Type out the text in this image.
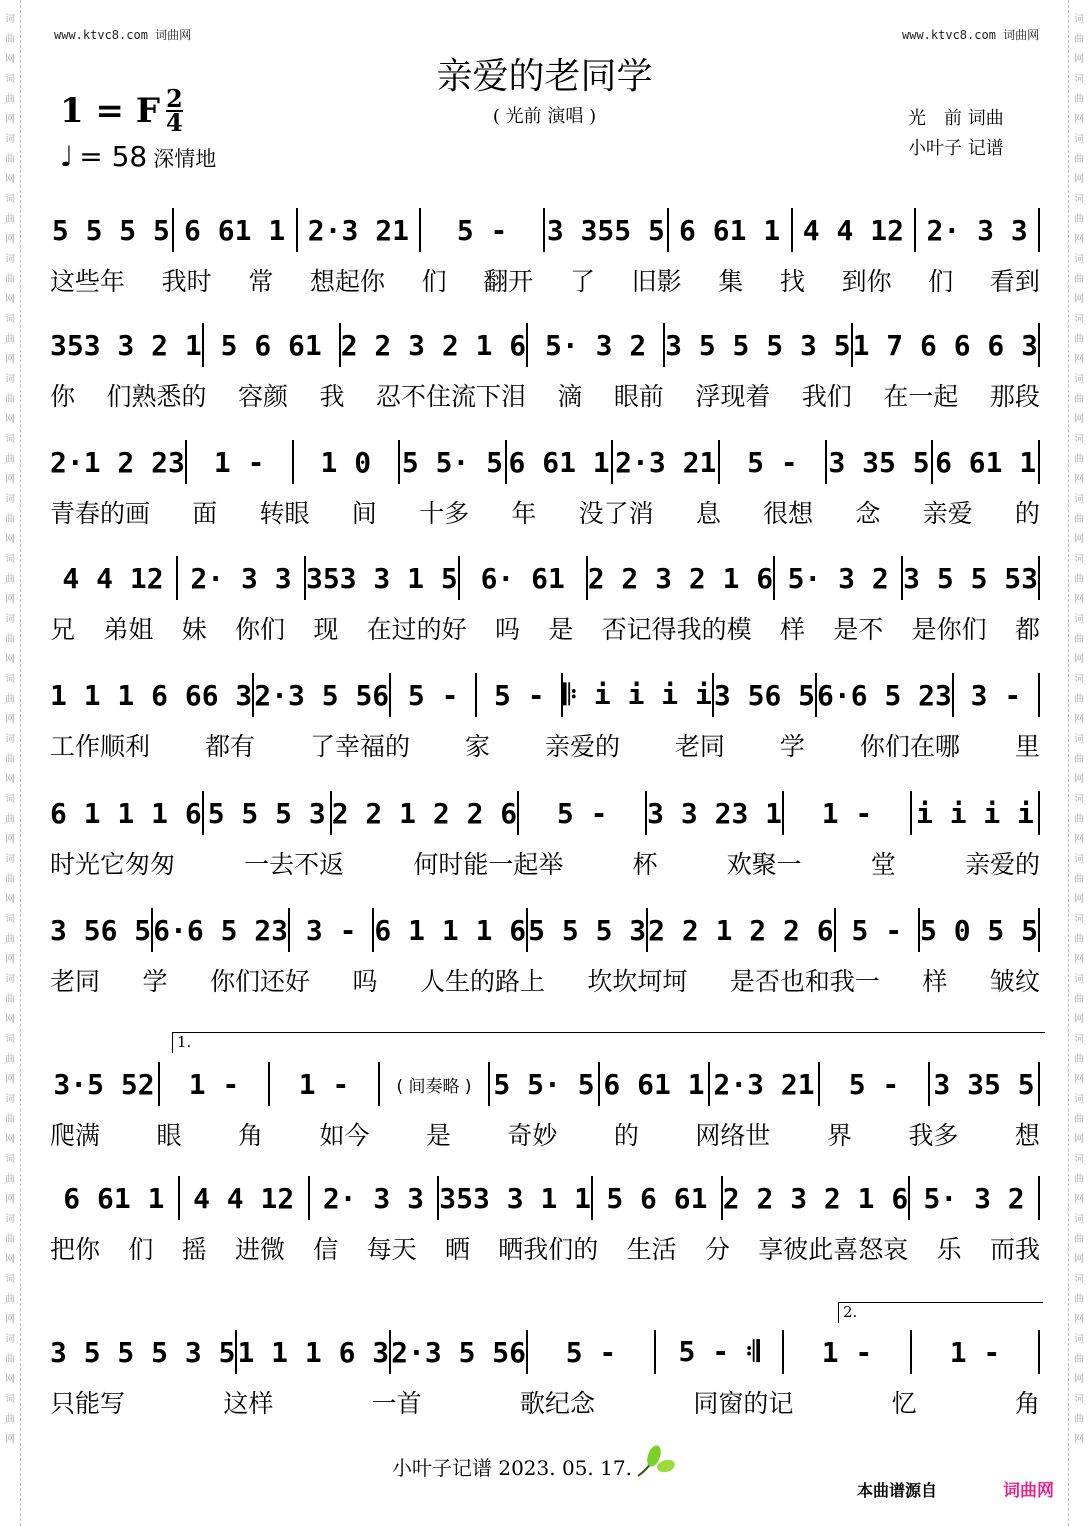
词曲网词曲网词曲网词曲网词曲网词曲网词曲网词曲网词曲网词曲网词曲网词曲网词曲网词曲网词曲网词曲网词曲网词曲网词曲网词曲网词曲网词曲网词曲网词曲网
词曲网词曲网词曲网词曲网词曲网词曲网词曲网词曲网词曲网词曲网词曲网词曲网词曲网词曲网词曲网词曲网词曲网词曲网词曲网词曲网词曲网词曲网词曲网词曲网
www.ktvc8.com 词曲网	www.ktvc8.com 词曲网
亲爱的老同学
( 光前 演唱 )
1 = F $\frac{2}{4}$
♩ = 58 深情地
光　前 词曲
小叶子 记谱
5 5 5 5 6 61 1 2·3 21	5 -	3 355 5 6 61 1 4 4 12 2· 3 3
这些年 我时 常 想起你 们 翻开 了 旧影 集 找 到你 们 看到
353 3 2 1 5 6 61 2 2 3 2 1 6 5· 3 2 3 5 5 5 3 5 1 7 6 6 6 3
你 们熟悉的 容颜 我 忍不住流下泪 滴 眼前 浮现着 我们 在一起 那段
2·1 2 23	1 -	1 0	5 5· 5 6 61 1 2·3 21	5 -	3 35 5 6 61 1
青春的画 面 转眼 间 十多 年 没了消 息 很想 念 亲爱 的
4 4 12 2· 3 3 353 3 1 5 6· 61 2 2 3 2 1 6 5· 3 2 3 5 5 53
兄 弟姐 妹 你们 现 在过的好 吗 是 否记得我的模 样 是不 是你们 都
1 1 1 6 66 3 2·3 5 56 5 -	5 - 𝄆 i i i i 3 56 5 6·6 5 23 3 -
工作顺利 都有 了幸福的 家 亲爱的 老同 学 你们在哪 里
6 1 1 1 6 5 5 5 3 2 2 1 2 2 6	5 -	3 3 23 1	1 -	i i i i
时光它匆匆	一去不返	何时能一起举	杯	欢聚一	堂	亲爱的
3 56 5 6·6 5 23 3 - 6 1 1 1 6 5 5 5 3 2 2 1 2 2 6 5 - 5 0 5 5
老同 学 你们还好 吗 人生的路上 坎坎坷坷 是否也和我一 样 皱纹
3·5 52	1 -	1 -	( 间奏略 ) 5 5· 5 6 61 1 2·3 21	5 -	3 35 5
爬满 眼 角 如今 是 奇妙 的 网络世 界 我多 想
6 61 1	4 4 12	2· 3 3 353 3 1 1 5 6 61 2 2 3 2 1 6 5· 3 2
把你 们 摇 进微 信 每天 晒 晒我们的 生活 分 享彼此喜怒哀 乐 而我
3 5 5 5 3 5 1 1 1 6 3 2·3 5 56	5 -	5 - 𝄇	1 -	1 -
只能写	这样	一首	歌纪念	同窗的记	忆	角
1.
2.
小叶子记谱 2023. 05. 17.
本曲谱源自	词曲网
